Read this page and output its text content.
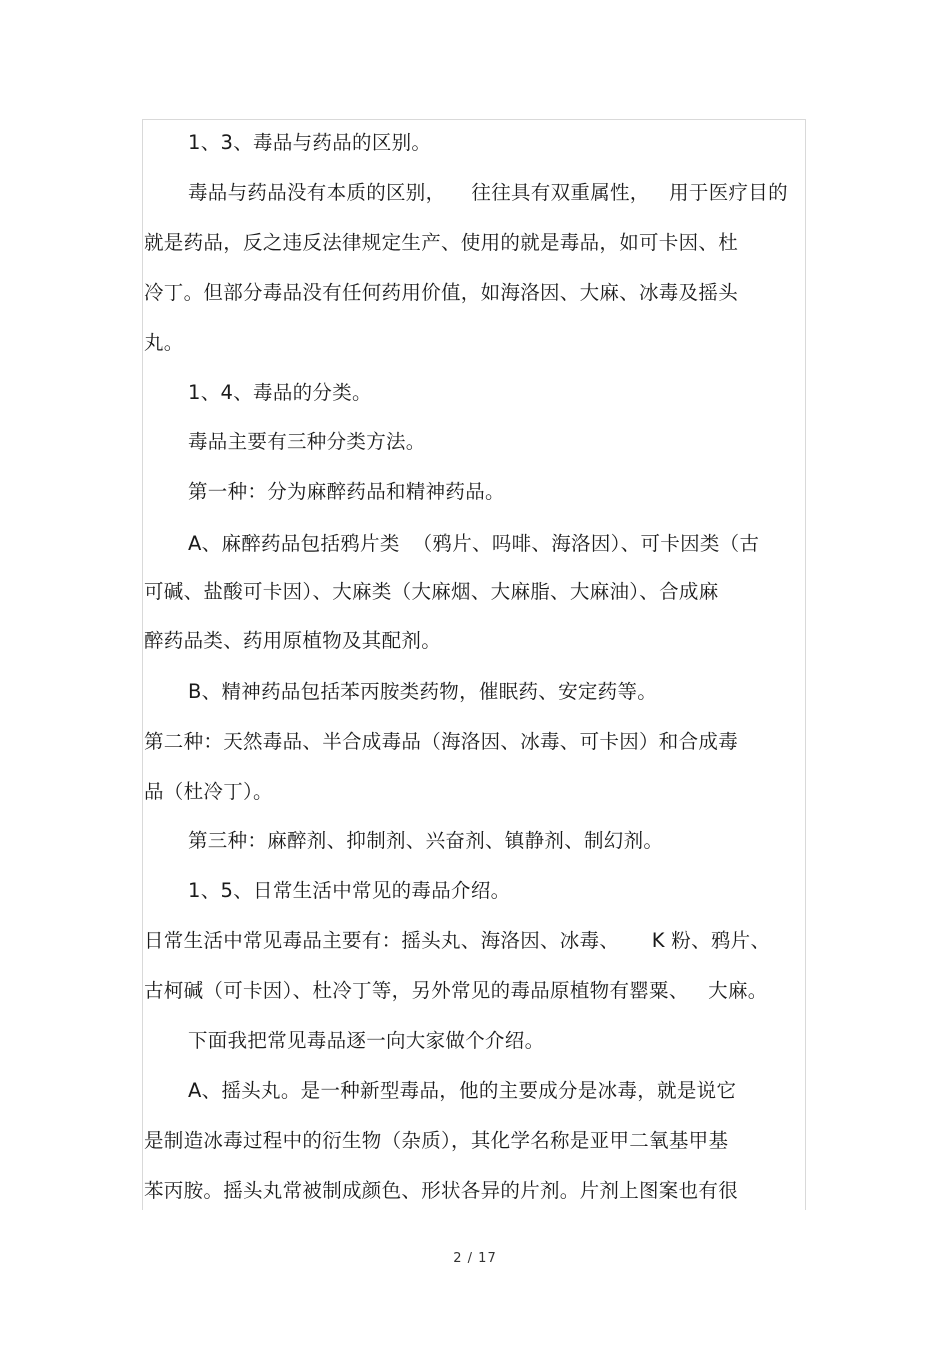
1、3、毒品与药品的区别。
毒品与药品没有本质的区别，    往往具有双重属性，   用于医疗目的
就是药品，反之违反法律规定生产、使用的就是毒品，如可卡因、杜
冷丁。但部分毒品没有任何药用价值，如海洛因、大麻、冰毒及摇头
丸。
1、4、毒品的分类。
毒品主要有三种分类方法。
第一种：分为麻醉药品和精神药品。
A、麻醉药品包括鸦片类  （鸦片、吗啡、海洛因）、可卡因类（古
可碱、盐酸可卡因）、大麻类（大麻烟、大麻脂、大麻油）、合成麻
醉药品类、药用原植物及其配剂。
B、精神药品包括苯丙胺类药物，催眠药、安定药等。
第二种：天然毒品、半合成毒品（海洛因、冰毒、可卡因）和合成毒
品（杜冷丁）。
第三种：麻醉剂、抑制剂、兴奋剂、镇静剂、制幻剂。
1、5、日常生活中常见的毒品介绍。
日常生活中常见毒品主要有：摇头丸、海洛因、冰毒、     K 粉、鸦片、
古柯碱（可卡因）、杜冷丁等，另外常见的毒品原植物有罂粟、   大麻。
下面我把常见毒品逐一向大家做个介绍。
A、摇头丸。是一种新型毒品，他的主要成分是冰毒，就是说它
是制造冰毒过程中的衍生物（杂质），其化学名称是亚甲二氧基甲基
苯丙胺。摇头丸常被制成颜色、形状各异的片剂。片剂上图案也有很
2 / 17
